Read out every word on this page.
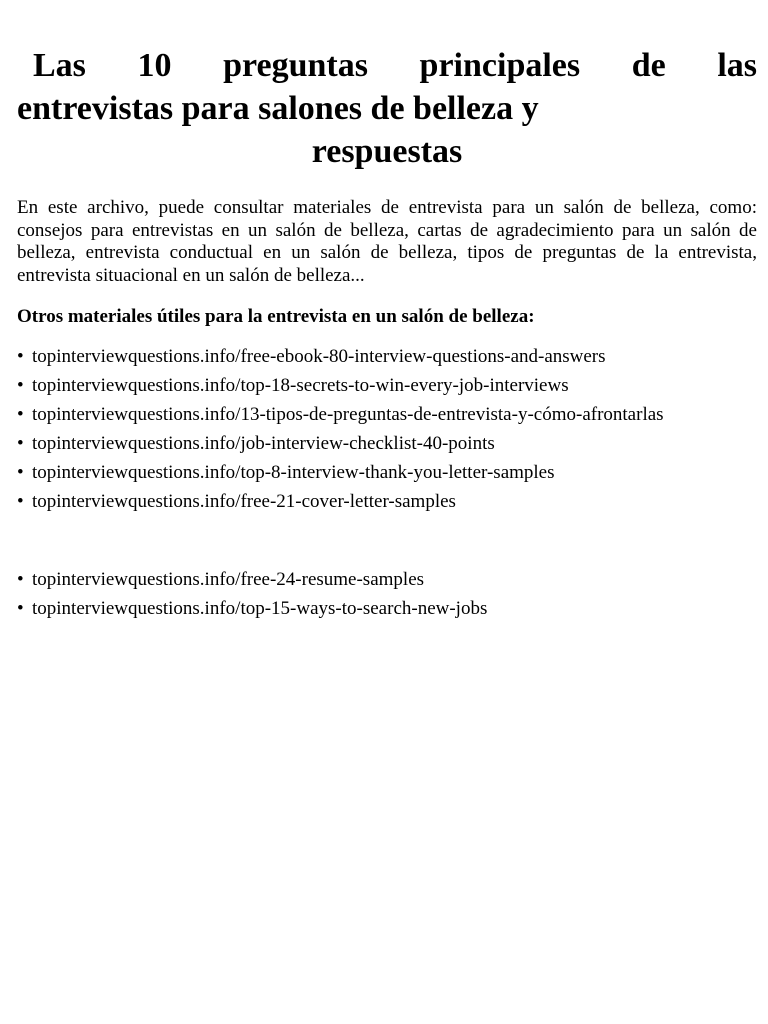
Las 10 preguntas principales de las
entrevistas para salones de belleza y
respuestas

En este archivo, puede consultar materiales de entrevista para un salón de belleza, como: consejos para entrevistas en un salón de belleza, cartas de agradecimiento para un salón de belleza, entrevista conductual en un salón de belleza, tipos de preguntas de la entrevista, entrevista situacional en un salón de belleza...

Otros materiales útiles para la entrevista en un salón de belleza:

• topinterviewquestions.info/free-ebook-80-interview-questions-and-answers
• topinterviewquestions.info/top-18-secrets-to-win-every-job-interviews
• topinterviewquestions.info/13-tipos-de-preguntas-de-entrevista-y-cómo-afrontarlas
• topinterviewquestions.info/job-interview-checklist-40-points
• topinterviewquestions.info/top-8-interview-thank-you-letter-samples
• topinterviewquestions.info/free-21-cover-letter-samples
• topinterviewquestions.info/free-24-resume-samples
• topinterviewquestions.info/top-15-ways-to-search-new-jobs
